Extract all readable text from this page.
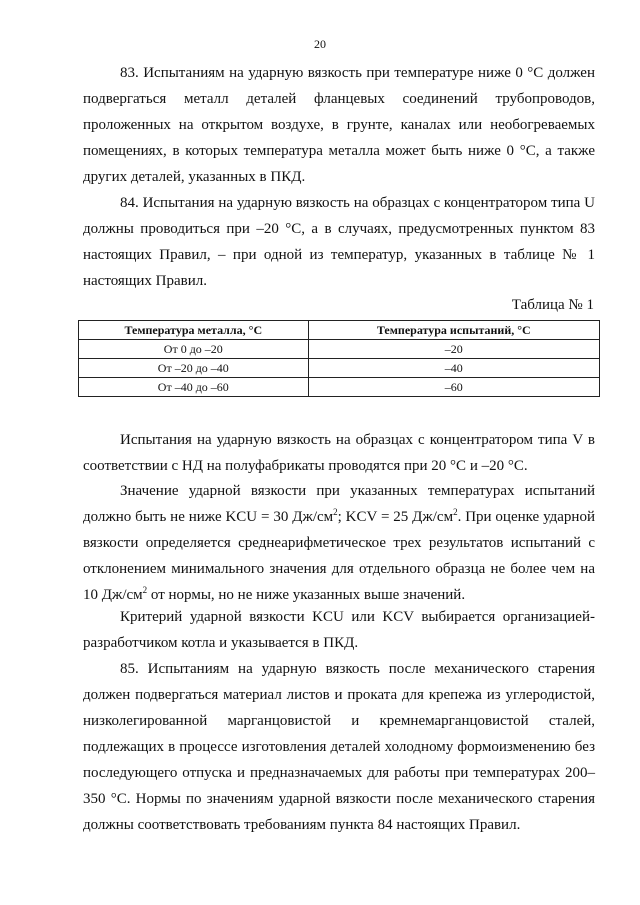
20

83. Испытаниям на ударную вязкость при температуре ниже 0 °С должен подвергаться металл деталей фланцевых соединений трубопроводов, проложенных на открытом воздухе, в грунте, каналах или необогреваемых помещениях, в которых температура металла может быть ниже 0 °С, а также других деталей, указанных в ПКД.

84. Испытания на ударную вязкость на образцах с концентратором типа U должны проводиться при –20 °С, а в случаях, предусмотренных пунктом 83 настоящих Правил, – при одной из температур, указанных в таблице № 1 настоящих Правил.

Таблица № 1
Температура металла, °С	Температура испытаний, °С
От 0 до –20	–20
От –20 до –40	–40
От –40 до –60	–60

Испытания на ударную вязкость на образцах с концентратором типа V в соответствии с НД на полуфабрикаты проводятся при 20 °С и –20 °С.

Значение ударной вязкости при указанных температурах испытаний должно быть не ниже KCU = 30 $Дж/см^2$; KCV = 25 $Дж/см^2$. При оценке ударной вязкости определяется среднеарифметическое трех результатов испытаний с отклонением минимального значения для отдельного образца не более чем на 10 $Дж/см^2$ от нормы, но не ниже указанных выше значений.

Критерий ударной вязкости KCU или KCV выбирается организацией-разработчиком котла и указывается в ПКД.

85. Испытаниям на ударную вязкость после механического старения должен подвергаться материал листов и проката для крепежа из углеродистой, низколегированной марганцовистой и кремнемарганцовистой сталей, подлежащих в процессе изготовления деталей холодному формоизменению без последующего отпуска и предназначаемых для работы при температурах 200–350 °С. Нормы по значениям ударной вязкости после механического старения должны соответствовать требованиям пункта 84 настоящих Правил.
